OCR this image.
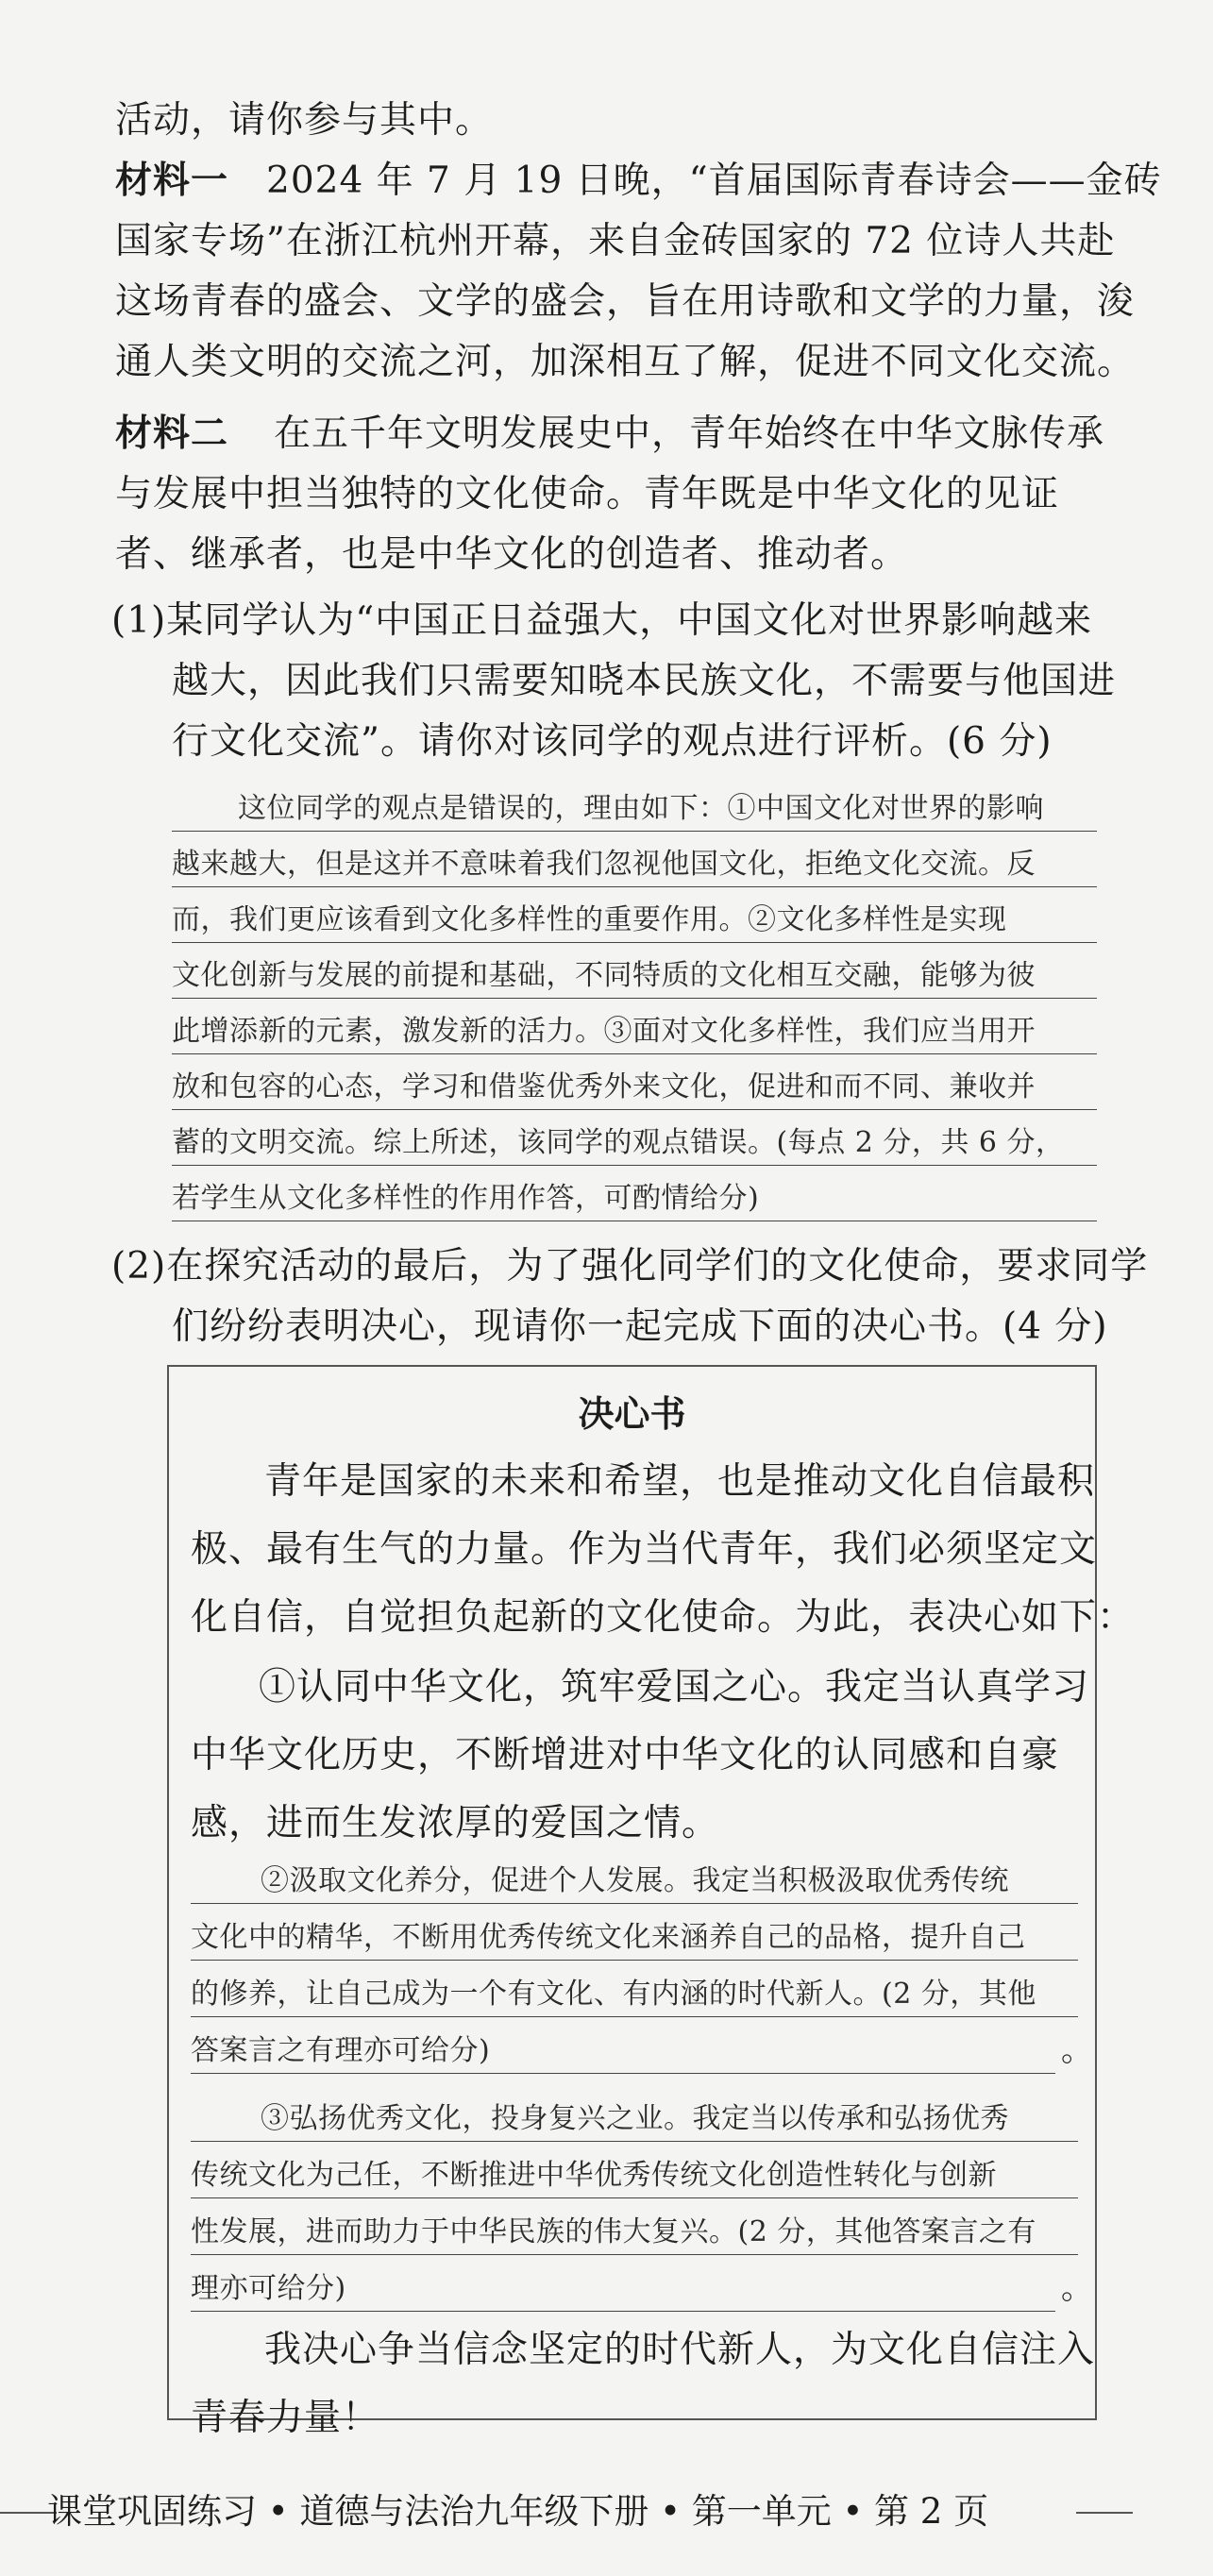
活动，请你参与其中。
材料一 2024 年 7 月 19 日晚，“首届国际青春诗会——金砖
国家专场”在浙江杭州开幕，来自金砖国家的 72 位诗人共赴
这场青春的盛会、文学的盛会，旨在用诗歌和文学的力量，浚
通人类文明的交流之河，加深相互了解，促进不同文化交流。
材料二 在五千年文明发展史中，青年始终在中华文脉传承
与发展中担当独特的文化使命。青年既是中华文化的见证
者、继承者，也是中华文化的创造者、推动者。
(1)某同学认为“中国正日益强大，中国文化对世界影响越来
越大，因此我们只需要知晓本民族文化，不需要与他国进
行文化交流”。请你对该同学的观点进行评析。(6 分)
这位同学的观点是错误的，理由如下：①中国文化对世界的影响
越来越大，但是这并不意味着我们忽视他国文化，拒绝文化交流。反
而，我们更应该看到文化多样性的重要作用。②文化多样性是实现
文化创新与发展的前提和基础，不同特质的文化相互交融，能够为彼
此增添新的元素，激发新的活力。③面对文化多样性，我们应当用开
放和包容的心态，学习和借鉴优秀外来文化，促进和而不同、兼收并
蓄的文明交流。综上所述，该同学的观点错误。(每点 2 分，共 6 分，
若学生从文化多样性的作用作答，可酌情给分)
(2)在探究活动的最后，为了强化同学们的文化使命，要求同学
们纷纷表明决心，现请你一起完成下面的决心书。(4 分)
决心书
青年是国家的未来和希望，也是推动文化自信最积
极、最有生气的力量。作为当代青年，我们必须坚定文
化自信，自觉担负起新的文化使命。为此，表决心如下：
①认同中华文化，筑牢爱国之心。我定当认真学习
中华文化历史，不断增进对中华文化的认同感和自豪
感，进而生发浓厚的爱国之情。
②汲取文化养分，促进个人发展。我定当积极汲取优秀传统
文化中的精华，不断用优秀传统文化来涵养自己的品格，提升自己
的修养，让自己成为一个有文化、有内涵的时代新人。(2 分，其他
答案言之有理亦可给分)	。
③弘扬优秀文化，投身复兴之业。我定当以传承和弘扬优秀
传统文化为己任，不断推进中华优秀传统文化创造性转化与创新
性发展，进而助力于中华民族的伟大复兴。(2 分，其他答案言之有
理亦可给分)	。
我决心争当信念坚定的时代新人，为文化自信注入
青春力量！
课堂巩固练习 • 道德与法治九年级下册 • 第一单元 • 第 2 页
